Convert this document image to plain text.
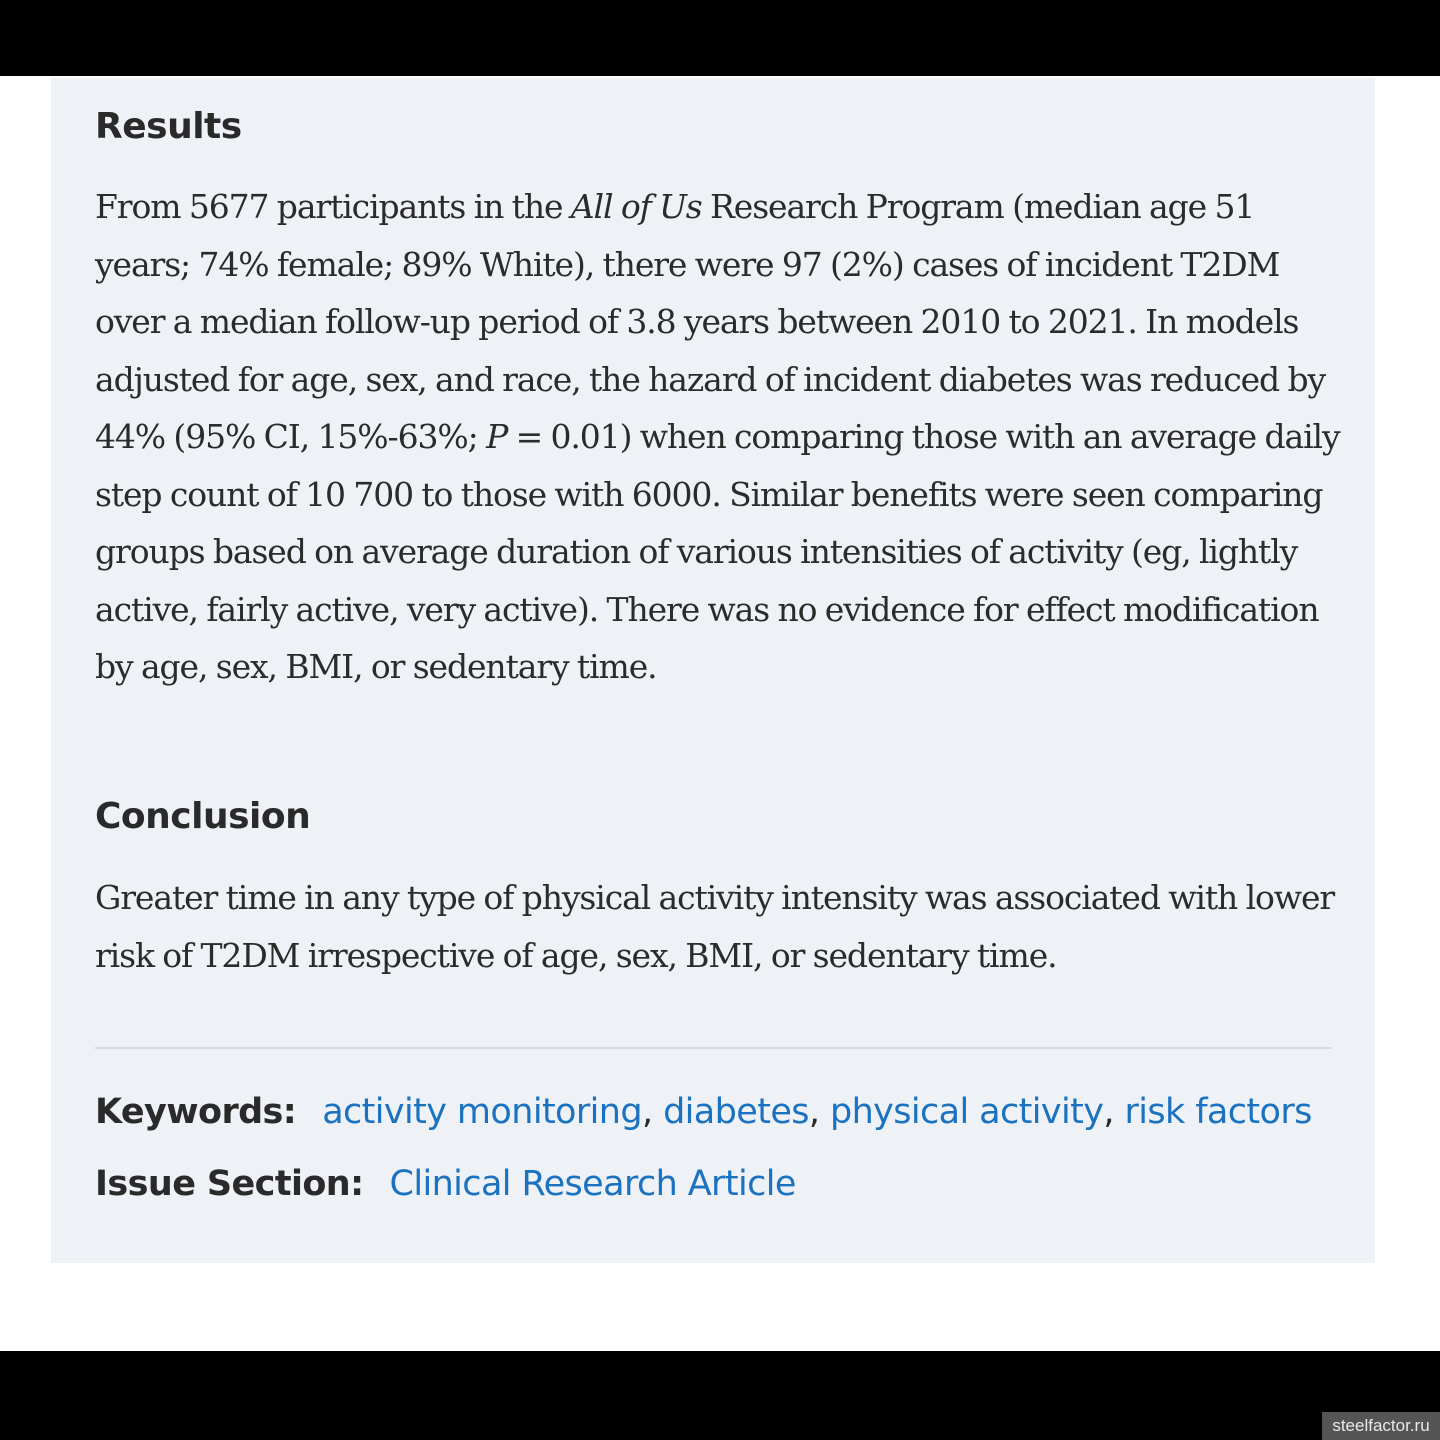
Results

From 5677 participants in the All of Us Research Program (median age 51 years; 74% female; 89% White), there were 97 (2%) cases of incident T2DM over a median follow-up period of 3.8 years between 2010 to 2021. In models adjusted for age, sex, and race, the hazard of incident diabetes was reduced by 44% (95% CI, 15%-63%; P = 0.01) when comparing those with an average daily step count of 10 700 to those with 6000. Similar benefits were seen comparing groups based on average duration of various intensities of activity (eg, lightly active, fairly active, very active). There was no evidence for effect modification by age, sex, BMI, or sedentary time.

Conclusion

Greater time in any type of physical activity intensity was associated with lower risk of T2DM irrespective of age, sex, BMI, or sedentary time.

Keywords: activity monitoring, diabetes, physical activity, risk factors
Issue Section: Clinical Research Article
steelfactor.ru
